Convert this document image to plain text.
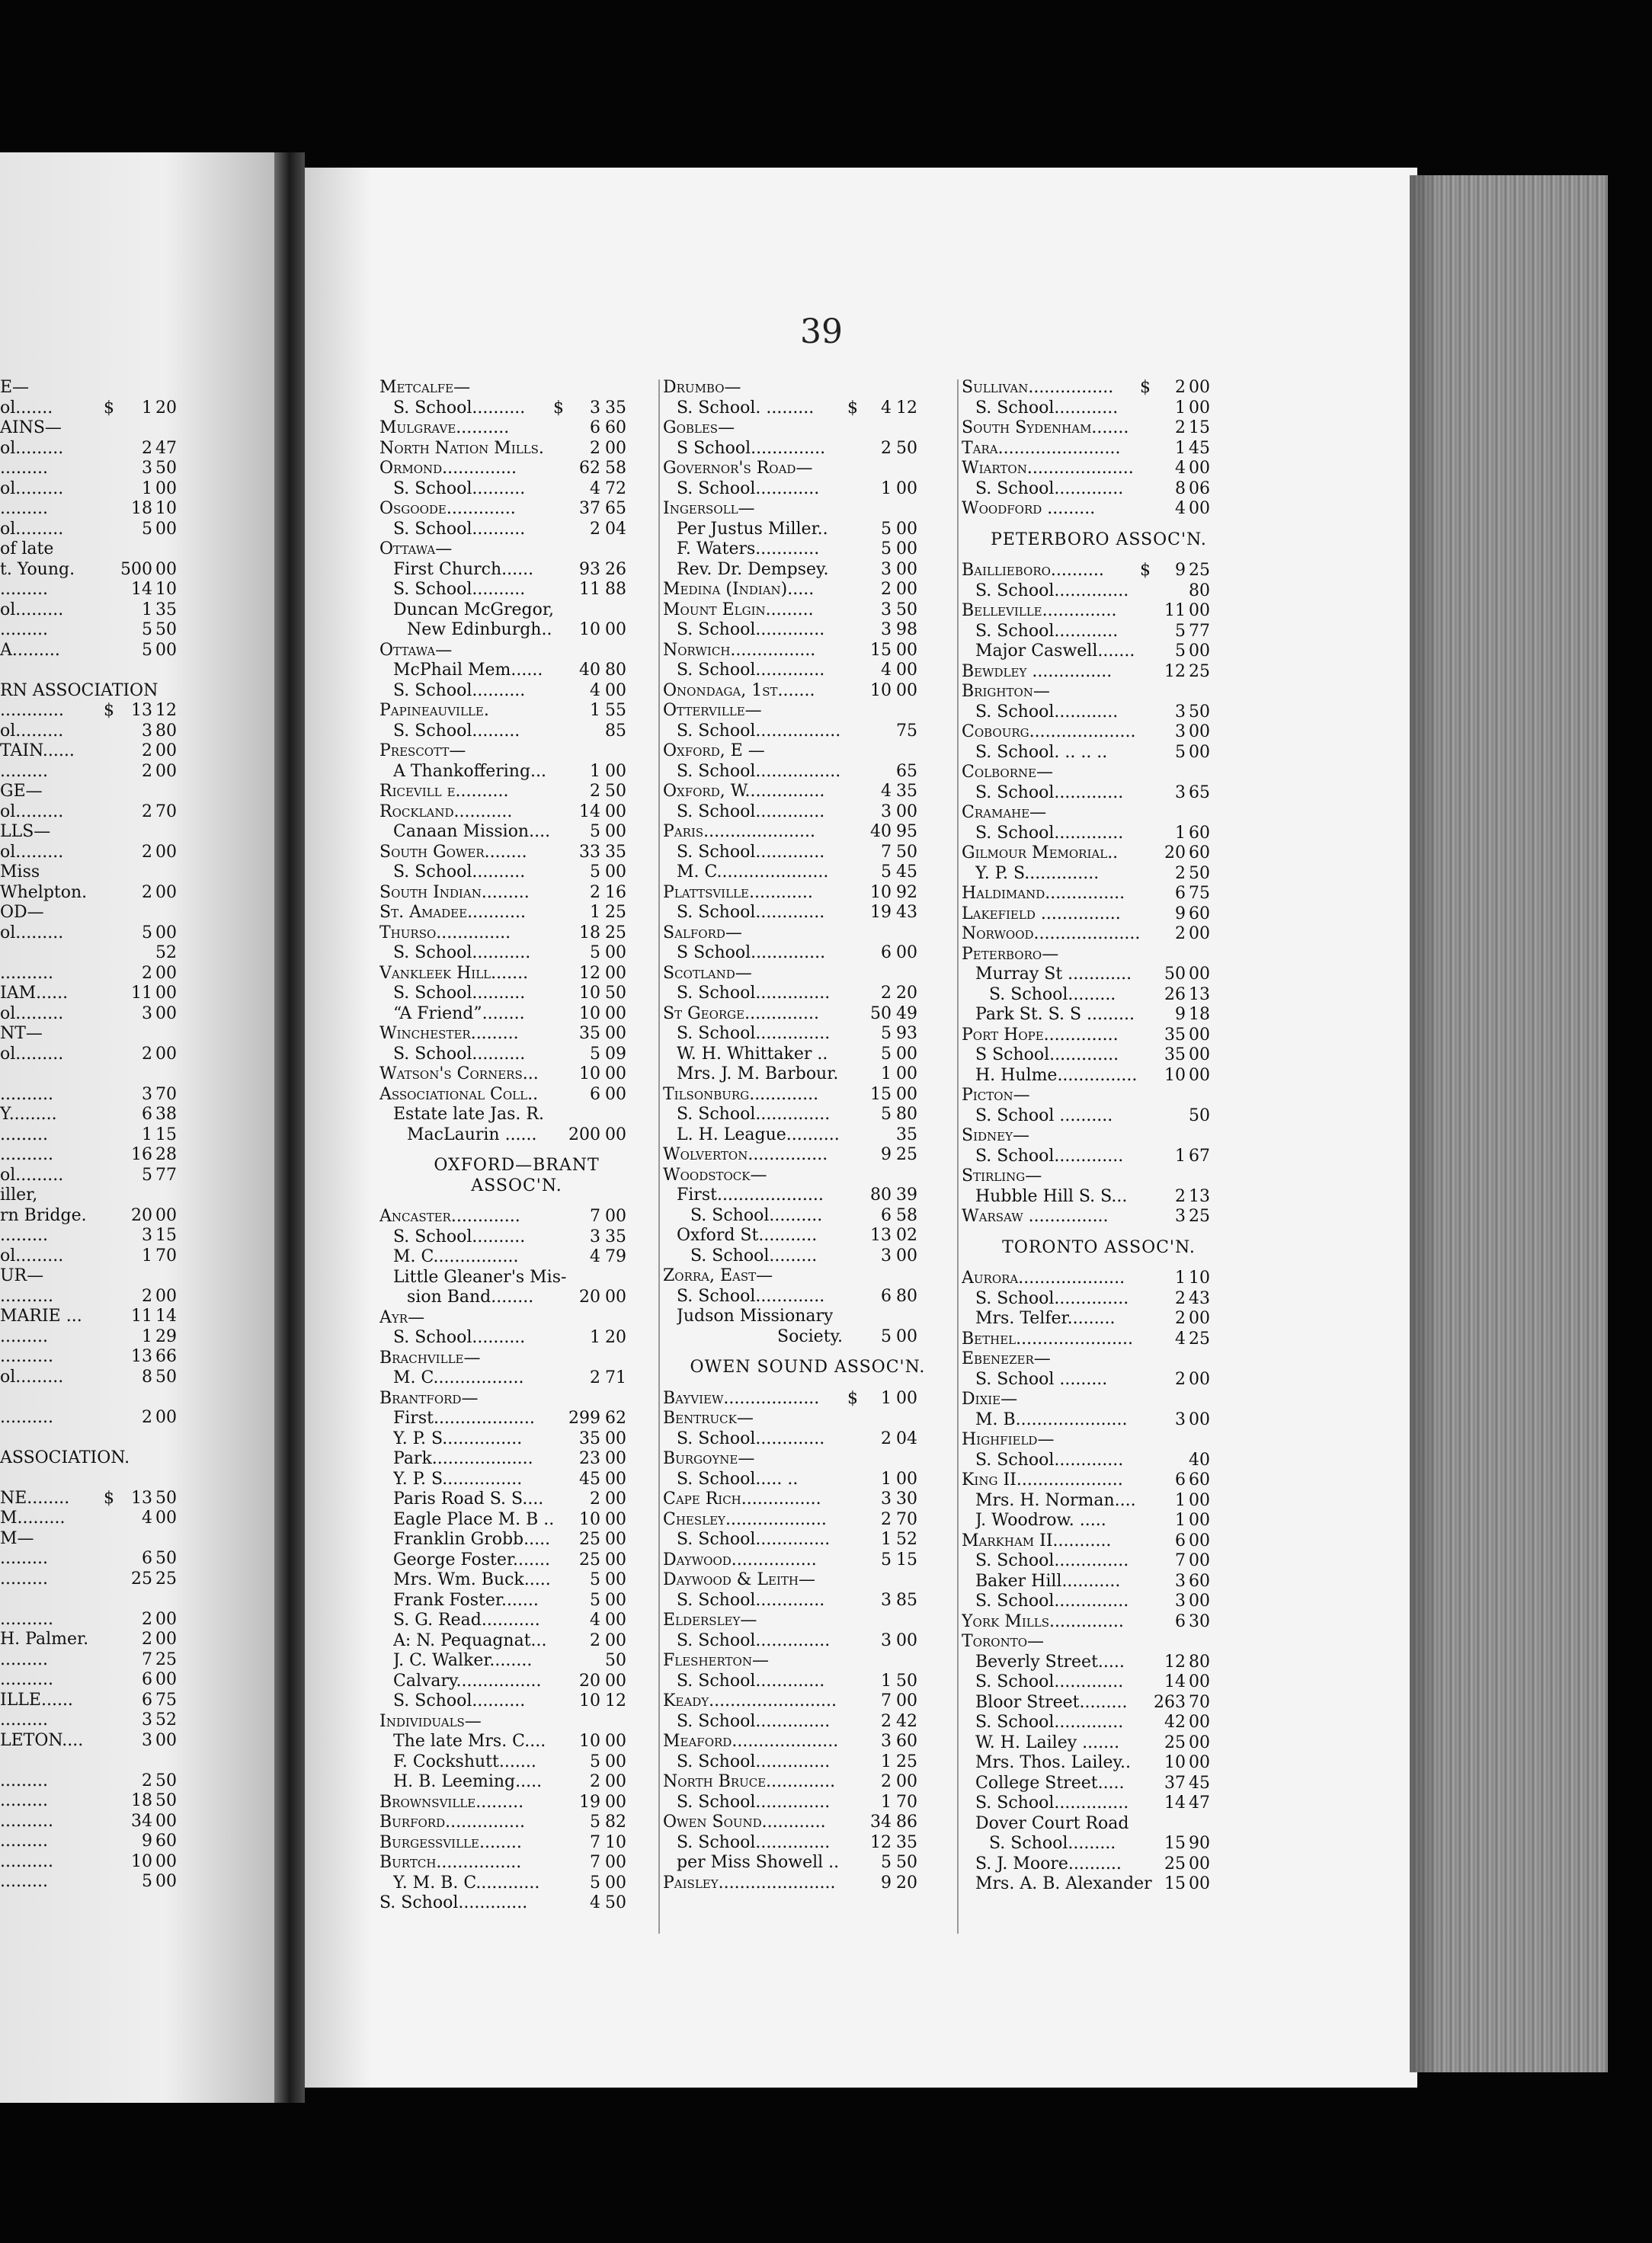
39
E—
ol.......	$	1 20
AINS—
ol.........	2 47
.........	3 50
ol.........	1 00
.........	18 10
ol.........	5 00
of late
t. Young.	500 00
.........	14 10
ol.........	1 35
.........	5 50
A.........	5 00
RN ASSOCIATION
............ $	13 12
ol.........	3 80
TAIN......	2 00
.........	2 00
GE—
ol.........	2 70
LLS—
ol.........	2 00
Miss
Whelpton.	2 00
OD—
ol.........	5 00
52
..........	2 00
IAM......	11 00
ol.........	3 00
NT—
ol.........	2 00
..........	3 70
Y.........	6 38
.........	1 15
..........	16 28
ol.........	5 77
iller,
rn Bridge.	20 00
.........	3 15
ol.........	1 70
UR—
..........	2 00
MARIE ...	11 14
.........	1 29
..........	13 66
ol.........	8 50
..........	2 00
ASSOCIATION.
NE........ $	13 50
M.........	4 00
M—
.........	6 50
.........	25 25
..........	2 00
H. Palmer.	2 00
.........	7 25
..........	6 00
ILLE......	6 75
.........	3 52
LETON....	3 00
.........	2 50
.........	18 50
..........	34 00
.........	9 60
..........	10 00
.........	5 00
Metcalfe—
S. School.......... $	3 35
Mulgrave..........	6 60
North Nation Mills.	2 00
Ormond..............	62 58
S. School..........	4 72
Osgoode.............	37 65
S. School..........	2 04
Ottawa—
First Church......	93 26
S. School..........	11 88
Duncan McGregor,
New Edinburgh..	10 00
Ottawa—
McPhail Mem......	40 80
S. School..........	4 00
Papineauville.	1 55
S. School.........	85
Prescott—
A Thankoffering...	1 00
Ricevill e..........	2 50
Rockland...........	14 00
Canaan Mission....	5 00
South Gower........	33 35
S. School..........	5 00
South Indian.........	2 16
St. Amadee...........	1 25
Thurso..............	18 25
S. School...........	5 00
Vankleek Hill.......	12 00
S. School..........	10 50
“A Friend”........	10 00
Winchester.........	35 00
S. School..........	5 09
Watson's Corners...	10 00
Associational Coll..	6 00
Estate late Jas. R.
MacLaurin ......	200 00
OXFORD—BRANT
ASSOC'N.
Ancaster.............	7 00
S. School..........	3 35
M. C................	4 79
Little Gleaner's Mis-
sion Band........	20 00
Ayr—
S. School..........	1 20
Brachville—
M. C.................	2 71
Brantford—
First...................	299 62
Y. P. S...............	35 00
Park...................	23 00
Y. P. S...............	45 00
Paris Road S. S....	2 00
Eagle Place M. B ..	10 00
Franklin Grobb.....	25 00
George Foster.......	25 00
Mrs. Wm. Buck.....	5 00
Frank Foster.......	5 00
S. G. Read...........	4 00
A: N. Pequagnat...	2 00
J. C. Walker........	50
Calvary................	20 00
S. School..........	10 12
Individuals—
The late Mrs. C....	10 00
F. Cockshutt.......	5 00
H. B. Leeming.....	2 00
Brownsville.........	19 00
Burford...............	5 82
Burgessville........	7 10
Burtch................	7 00
Y. M. B. C............	5 00
S. School.............	4 50
Drumbo—
S. School. ......... $	4 12
Gobles—
S School..............	2 50
Governor's Road—
S. School............	1 00
Ingersoll—
Per Justus Miller..	5 00
F. Waters............	5 00
Rev. Dr. Dempsey.	3 00
Medina (Indian).....	2 00
Mount Elgin.........	3 50
S. School.............	3 98
Norwich................	15 00
S. School.............	4 00
Onondaga, 1st.......	10 00
Otterville—
S. School................	75
Oxford, E —
S. School................	65
Oxford, W...............	4 35
S. School.............	3 00
Paris.....................	40 95
S. School.............	7 50
M. C.....................	5 45
Plattsville............	10 92
S. School.............	19 43
Salford—
S School..............	6 00
Scotland—
S. School..............	2 20
St George..............	50 49
S. School..............	5 93
W. H. Whittaker ..	5 00
Mrs. J. M. Barbour.	1 00
Tilsonburg.............	15 00
S. School..............	5 80
L. H. League..........	35
Wolverton...............	9 25
Woodstock—
First....................	80 39
S. School..........	6 58
Oxford St...........	13 02
S. School.........	3 00
Zorra, East—
S. School.............	6 80
Judson Missionary
Society.	5 00
OWEN SOUND ASSOC'N.
Bayview.................. $	1 00
Bentruck—
S. School.............	2 04
Burgoyne—
S. School..... ..	1 00
Cape Rich...............	3 30
Chesley...................	2 70
S. School..............	1 52
Daywood................	5 15
Daywood & Leith—
S. School.............	3 85
Eldersley—
S. School..............	3 00
Flesherton—
S. School.............	1 50
Keady........................	7 00
S. School..............	2 42
Meaford....................	3 60
S. School..............	1 25
North Bruce.............	2 00
S. School..............	1 70
Owen Sound............	34 86
S. School..............	12 35
per Miss Showell ..	5 50
Paisley......................	9 20
Sullivan................ $	2 00
S. School............	1 00
South Sydenham.......	2 15
Tara.......................	1 45
Wiarton....................	4 00
S. School.............	8 06
Woodford .........	4 00
PETERBORO ASSOC'N.
Baillieboro.......... $	9 25
S. School..............	80
Belleville..............	11 00
S. School............	5 77
Major Caswell.......	5 00
Bewdley ...............	12 25
Brighton—
S. School............	3 50
Cobourg....................	3 00
S. School. .. .. ..	5 00
Colborne—
S. School.............	3 65
Cramahe—
S. School.............	1 60
Gilmour Memorial..	20 60
Y. P. S..............	2 50
Haldimand...............	6 75
Lakefield ...............	9 60
Norwood....................	2 00
Peterboro—
Murray St ............	50 00
S. School.........	26 13
Park St. S. S .........	9 18
Port Hope..............	35 00
S School.............	35 00
H. Hulme...............	10 00
Picton—
S. School ..........	50
Sidney—
S. School.............	1 67
Stirling—
Hubble Hill S. S...	2 13
Warsaw ...............	3 25
TORONTO ASSOC'N.
Aurora....................	1 10
S. School..............	2 43
Mrs. Telfer.........	2 00
Bethel......................	4 25
Ebenezer—
S. School .........	2 00
Dixie—
M. B.....................	3 00
Highfield—
S. School.............	40
King II....................	6 60
Mrs. H. Norman....	1 00
J. Woodrow. .....	1 00
Markham II...........	6 00
S. School..............	7 00
Baker Hill...........	3 60
S. School..............	3 00
York Mills..............	6 30
Toronto—
Beverly Street.....	12 80
S. School.............	14 00
Bloor Street.........	263 70
S. School.............	42 00
W. H. Lailey .......	25 00
Mrs. Thos. Lailey..	10 00
College Street.....	37 45
S. School..............	14 47
Dover Court Road
S. School.........	15 90
S. J. Moore..........	25 00
Mrs. A. B. Alexander 15 00
